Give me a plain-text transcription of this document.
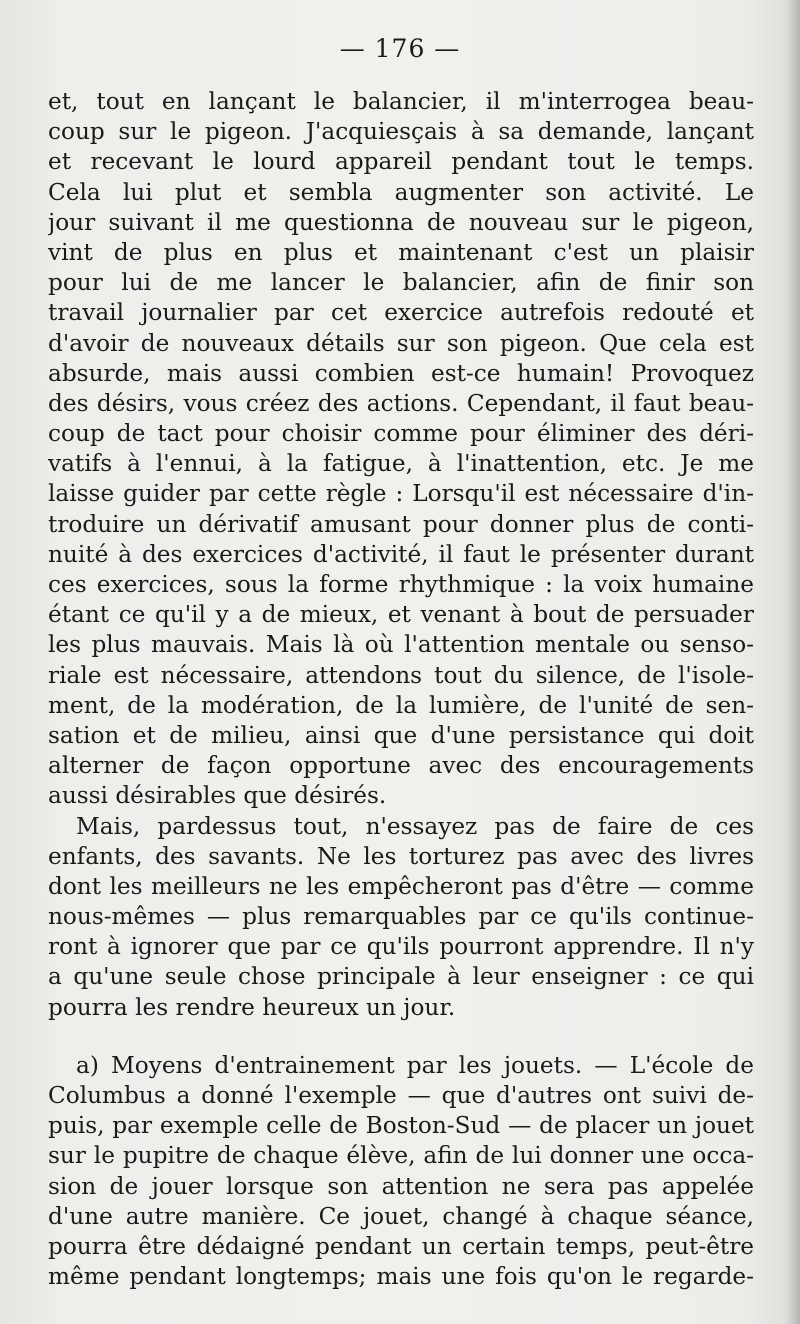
— 176 —
et, tout en lançant le balancier, il m'interrogea beau-
coup sur le pigeon. J'acquiesçais à sa demande, lançant
et recevant le lourd appareil pendant tout le temps.
Cela lui plut et sembla augmenter son activité. Le
jour suivant il me questionna de nouveau sur le pigeon,
vint de plus en plus et maintenant c'est un plaisir
pour lui de me lancer le balancier, afin de finir son
travail journalier par cet exercice autrefois redouté et
d'avoir de nouveaux détails sur son pigeon. Que cela est
absurde, mais aussi combien est-ce humain! Provoquez
des désirs, vous créez des actions. Cependant, il faut beau-
coup de tact pour choisir comme pour éliminer des déri-
vatifs à l'ennui, à la fatigue, à l'inattention, etc. Je me
laisse guider par cette règle : Lorsqu'il est nécessaire d'in-
troduire un dérivatif amusant pour donner plus de conti-
nuité à des exercices d'activité, il faut le présenter durant
ces exercices, sous la forme rhythmique : la voix humaine
étant ce qu'il y a de mieux, et venant à bout de persuader
les plus mauvais. Mais là où l'attention mentale ou senso-
riale est nécessaire, attendons tout du silence, de l'isole-
ment, de la modération, de la lumière, de l'unité de sen-
sation et de milieu, ainsi que d'une persistance qui doit
alterner de façon opportune avec des encouragements
aussi désirables que désirés.
Mais, pardessus tout, n'essayez pas de faire de ces
enfants, des savants. Ne les torturez pas avec des livres
dont les meilleurs ne les empêcheront pas d'être — comme
nous-mêmes — plus remarquables par ce qu'ils continue-
ront à ignorer que par ce qu'ils pourront apprendre. Il n'y
a qu'une seule chose principale à leur enseigner : ce qui
pourra les rendre heureux un jour.
a) Moyens d'entrainement par les jouets. — L'école de
Columbus a donné l'exemple — que d'autres ont suivi de-
puis, par exemple celle de Boston-Sud — de placer un jouet
sur le pupitre de chaque élève, afin de lui donner une occa-
sion de jouer lorsque son attention ne sera pas appelée
d'une autre manière. Ce jouet, changé à chaque séance,
pourra être dédaigné pendant un certain temps, peut-être
même pendant longtemps; mais une fois qu'on le regarde-
